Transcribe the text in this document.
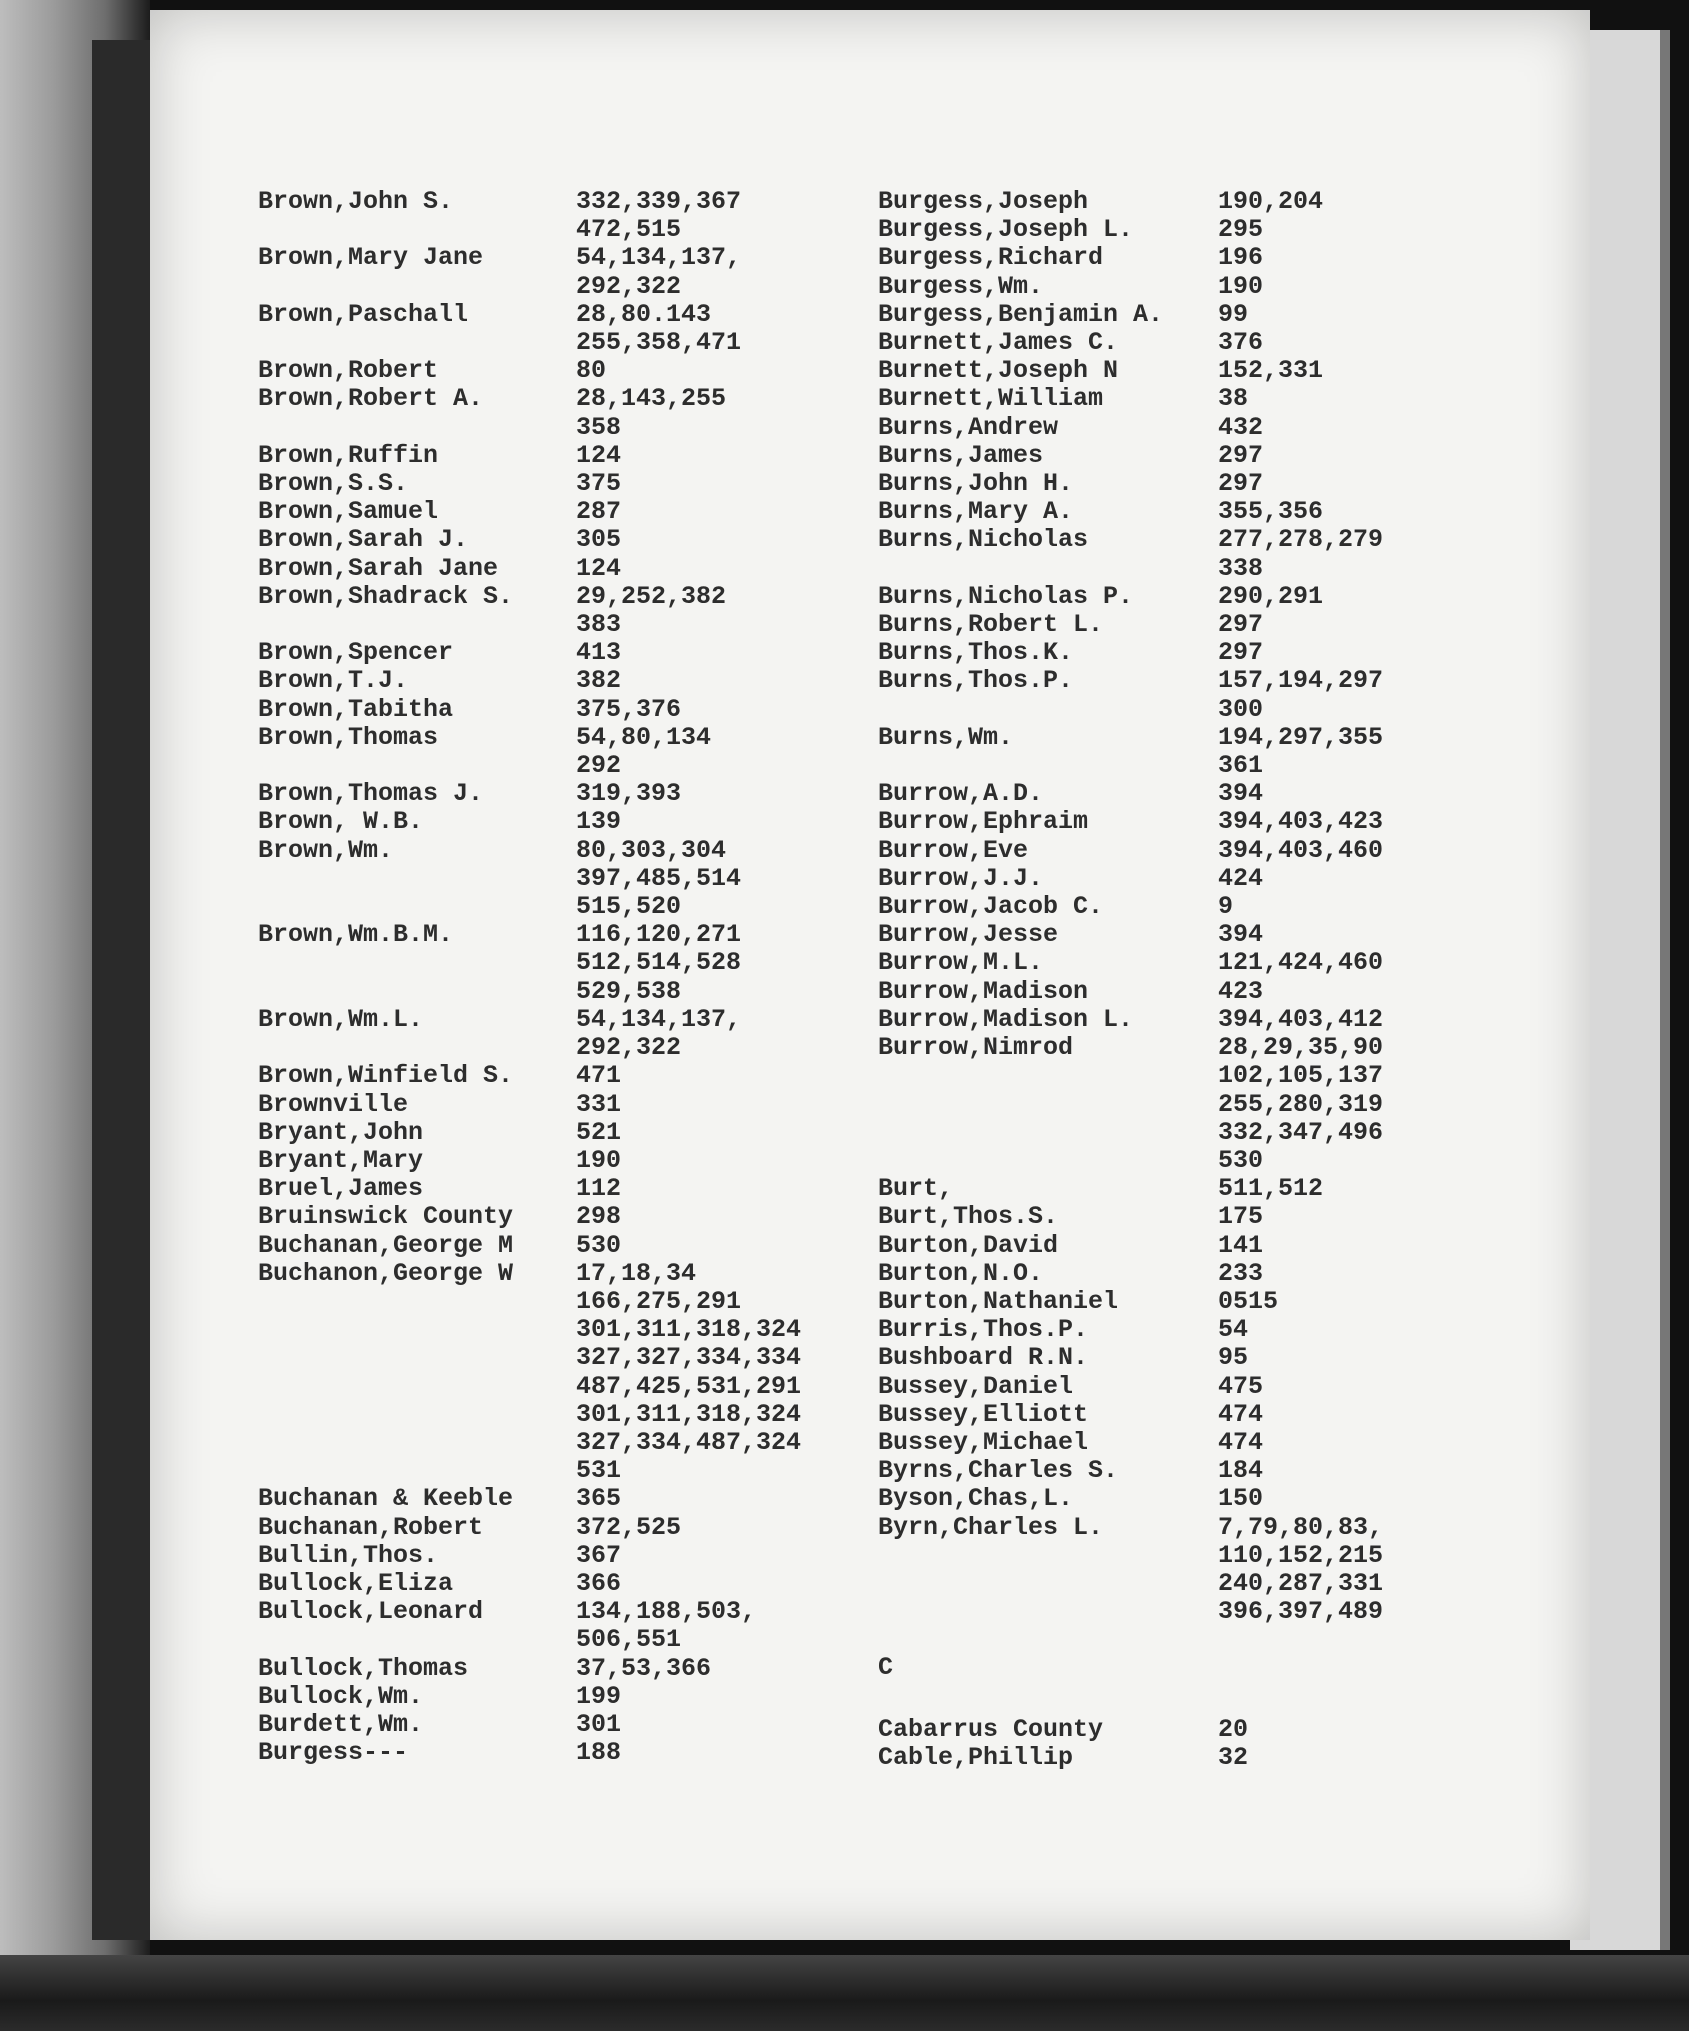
Brown,John S.	332,339,367
472,515
Brown,Mary Jane	54,134,137,
292,322
Brown,Paschall	28,80.143
255,358,471
Brown,Robert	80
Brown,Robert A.	28,143,255
358
Brown,Ruffin	124
Brown,S.S.	375
Brown,Samuel	287
Brown,Sarah J.	305
Brown,Sarah Jane	124
Brown,Shadrack S.	29,252,382
383
Brown,Spencer	413
Brown,T.J.	382
Brown,Tabitha	375,376
Brown,Thomas	54,80,134
292
Brown,Thomas J.	319,393
Brown, W.B.	139
Brown,Wm.	80,303,304
397,485,514
515,520
Brown,Wm.B.M.	116,120,271
512,514,528
529,538
Brown,Wm.L.	54,134,137,
292,322
Brown,Winfield S.	471
Brownville	331
Bryant,John	521
Bryant,Mary	190
Bruel,James	112
Bruinswick County	298
Buchanan,George M	530
Buchanon,George W	17,18,34
166,275,291
301,311,318,324
327,327,334,334
487,425,531,291
301,311,318,324
327,334,487,324
531
Buchanan & Keeble	365
Buchanan,Robert	372,525
Bullin,Thos.	367
Bullock,Eliza	366
Bullock,Leonard	134,188,503,
506,551
Bullock,Thomas	37,53,366
Bullock,Wm.	199
Burdett,Wm.	301
Burgess---	188
Burgess,Joseph	190,204
Burgess,Joseph L.	295
Burgess,Richard	196
Burgess,Wm.	190
Burgess,Benjamin A.	99
Burnett,James C.	376
Burnett,Joseph N	152,331
Burnett,William	38
Burns,Andrew	432
Burns,James	297
Burns,John H.	297
Burns,Mary A.	355,356
Burns,Nicholas	277,278,279
338
Burns,Nicholas P.	290,291
Burns,Robert L.	297
Burns,Thos.K.	297
Burns,Thos.P.	157,194,297
300
Burns,Wm.	194,297,355
361
Burrow,A.D.	394
Burrow,Ephraim	394,403,423
Burrow,Eve	394,403,460
Burrow,J.J.	424
Burrow,Jacob C.	9
Burrow,Jesse	394
Burrow,M.L.	121,424,460
Burrow,Madison	423
Burrow,Madison L.	394,403,412
Burrow,Nimrod	28,29,35,90
102,105,137
255,280,319
332,347,496
530
Burt,	511,512
Burt,Thos.S.	175
Burton,David	141
Burton,N.O.	233
Burton,Nathaniel	0515
Burris,Thos.P.	54
Bushboard R.N.	95
Bussey,Daniel	475
Bussey,Elliott	474
Bussey,Michael	474
Byrns,Charles S.	184
Byson,Chas,L.	150
Byrn,Charles L.	7,79,80,83,
110,152,215
240,287,331
396,397,489
C
Cabarrus County	20
Cable,Phillip	32
